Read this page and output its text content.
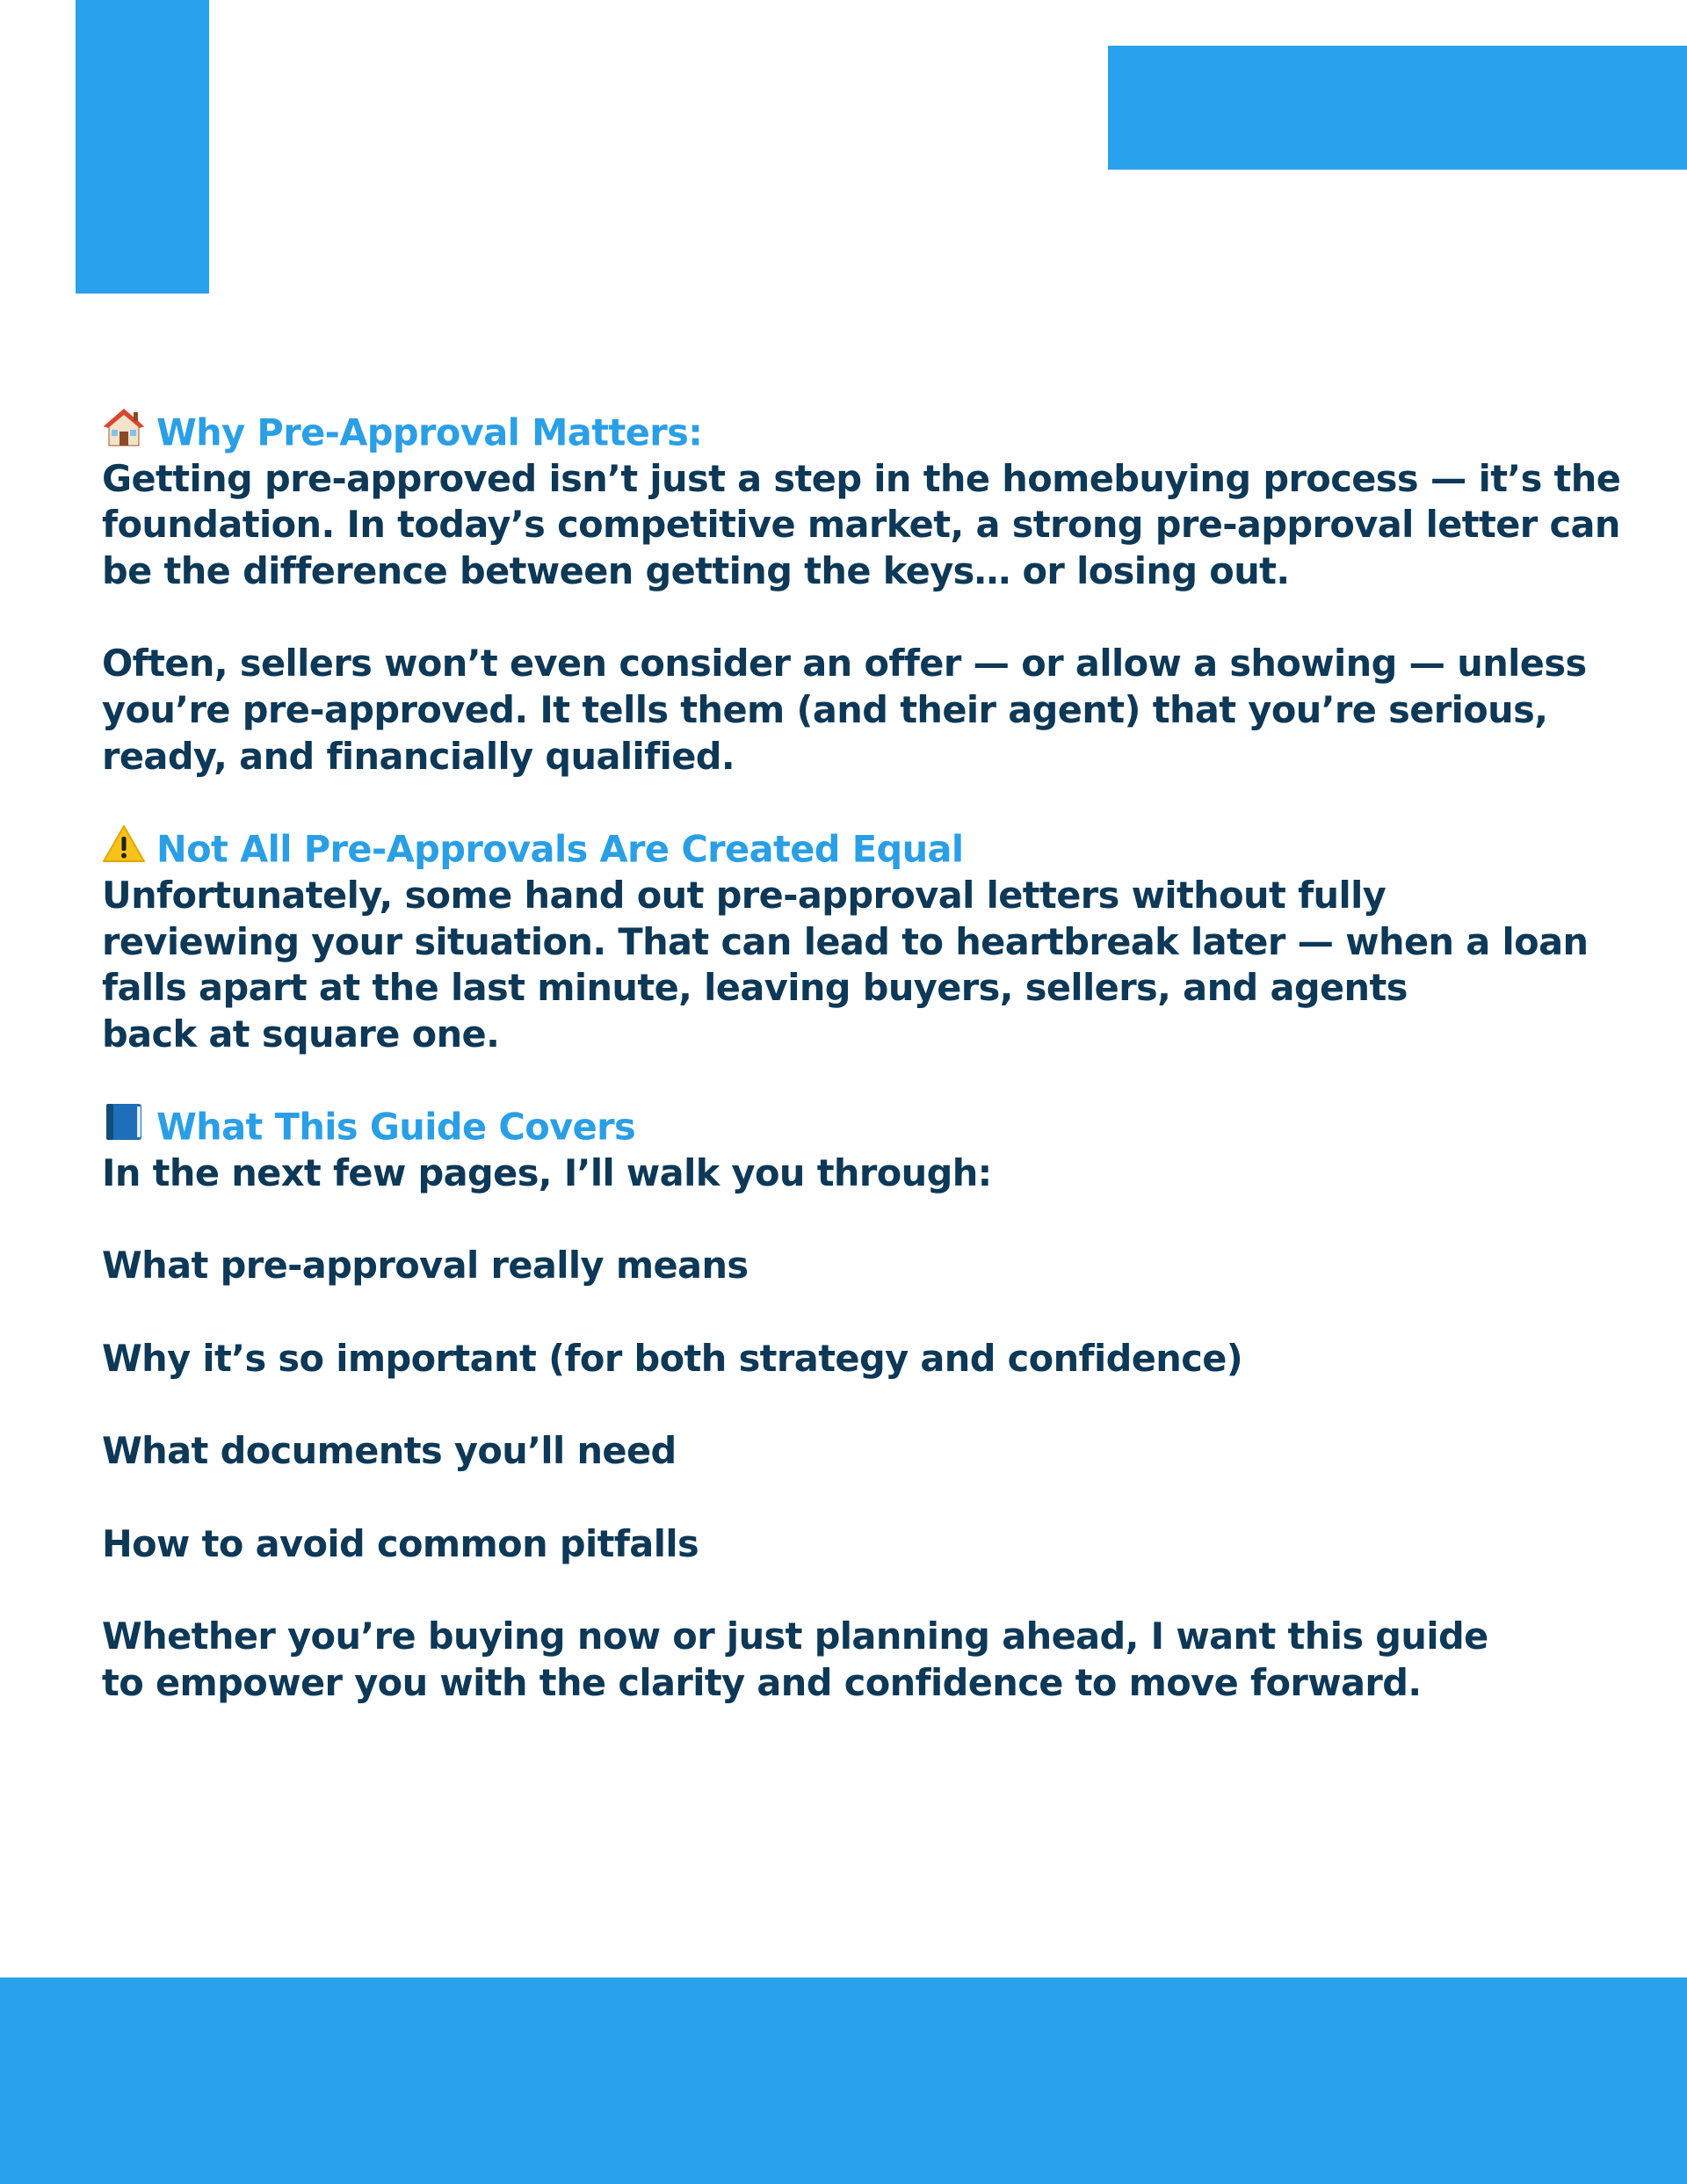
Why Pre-Approval Matters:
Getting pre-approved isn’t just a step in the homebuying process — it’s the
foundation. In today’s competitive market, a strong pre-approval letter can
be the difference between getting the keys… or losing out.
Often, sellers won’t even consider an offer — or allow a showing — unless
you’re pre-approved. It tells them (and their agent) that you’re serious,
ready, and financially qualified.
Not All Pre-Approvals Are Created Equal
Unfortunately, some hand out pre-approval letters without fully
reviewing your situation. That can lead to heartbreak later — when a loan
falls apart at the last minute, leaving buyers, sellers, and agents
back at square one.
What This Guide Covers
In the next few pages, I’ll walk you through:
What pre-approval really means
Why it’s so important (for both strategy and confidence)
What documents you’ll need
How to avoid common pitfalls
Whether you’re buying now or just planning ahead, I want this guide
to empower you with the clarity and confidence to move forward.
